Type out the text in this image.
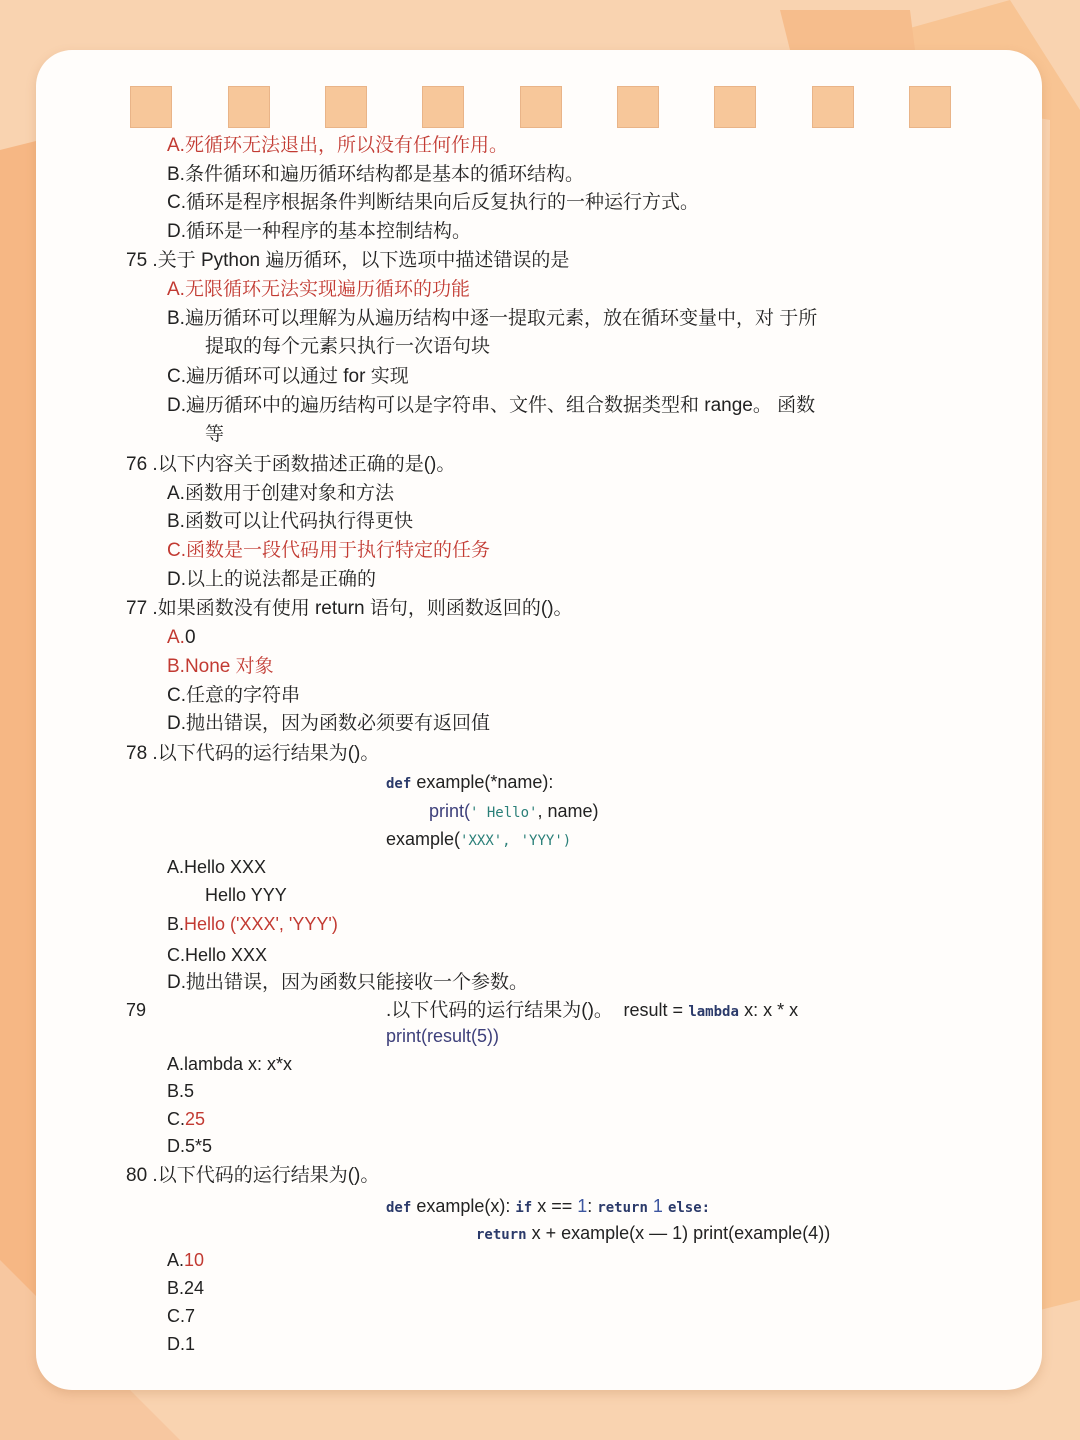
A.死循环无法退出，所以没有任何作用。
B.条件循环和遍历循环结构都是基本的循环结构。
C.循环是程序根据条件判断结果向后反复执行的一种运行方式。
D.循环是一种程序的基本控制结构。
75 .关于 Python 遍历循环，以下选项中描述错误的是
A.无限循环无法实现遍历循环的功能
B.遍历循环可以理解为从遍历结构中逐一提取元素，放在循环变量中，对 于所
提取的每个元素只执行一次语句块
C.遍历循环可以通过 for 实现
D.遍历循环中的遍历结构可以是字符串、文件、组合数据类型和 range。 函数
等
76 .以下内容关于函数描述正确的是()。
A.函数用于创建对象和方法
B.函数可以让代码执行得更快
C.函数是一段代码用于执行特定的任务
D.以上的说法都是正确的
77 .如果函数没有使用 return 语句，则函数返回的()。
A.0
B.None 对象
C.任意的字符串
D.抛出错误，因为函数必须要有返回值
78 .以下代码的运行结果为()。
def example(*name):
print(' Hello', name)
example('XXX', 'YYY')
A.Hello XXX
Hello YYY
B.Hello ('XXX', 'YYY')
C.Hello XXX
D.抛出错误，因为函数只能接收一个参数。
79	.以下代码的运行结果为()。 result = lambda x: x * x
print(result(5))
A.lambda x: x*x
B.5
C.25
D.5*5
80 .以下代码的运行结果为()。
def example(x): if x == 1: return 1 else:
return x + example(x — 1) print(example(4))
A.10
B.24
C.7
D.1
